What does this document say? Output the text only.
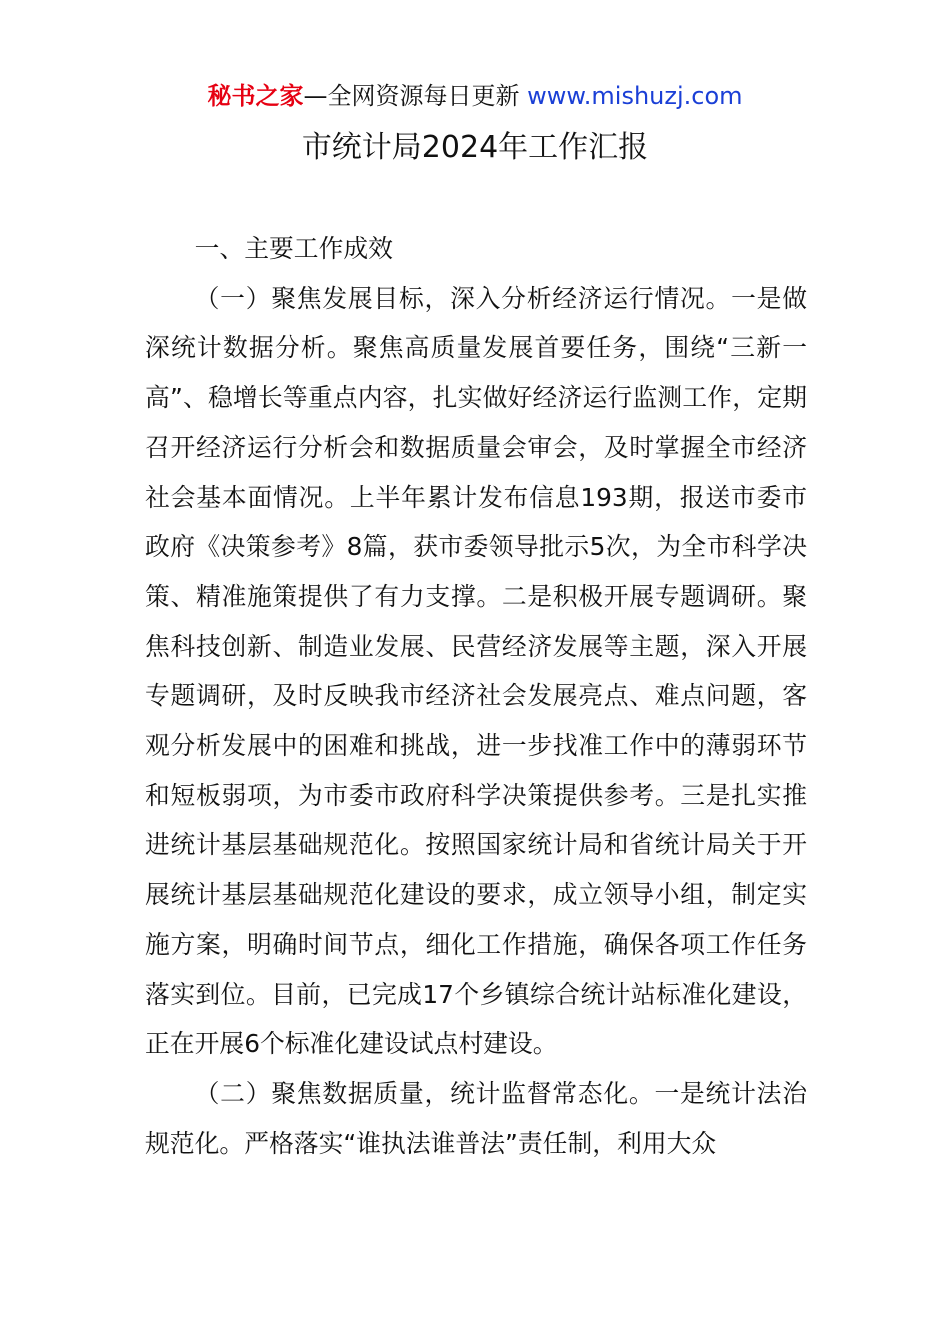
秘书之家—全网资源每日更新 www.mishuzj.com
市统计局2024年工作汇报

一、主要工作成效

（一）聚焦发展目标，深入分析经济运行情况。一是做深统计数据分析。聚焦高质量发展首要任务，围绕“三新一高”、稳增长等重点内容，扎实做好经济运行监测工作，定期召开经济运行分析会和数据质量会审会，及时掌握全市经济社会基本面情况。上半年累计发布信息193期，报送市委市政府《决策参考》8篇，获市委领导批示5次，为全市科学决策、精准施策提供了有力支撑。二是积极开展专题调研。聚焦科技创新、制造业发展、民营经济发展等主题，深入开展专题调研，及时反映我市经济社会发展亮点、难点问题，客观分析发展中的困难和挑战，进一步找准工作中的薄弱环节和短板弱项，为市委市政府科学决策提供参考。三是扎实推进统计基层基础规范化。按照国家统计局和省统计局关于开展统计基层基础规范化建设的要求，成立领导小组，制定实施方案，明确时间节点，细化工作措施，确保各项工作任务落实到位。目前，已完成17个乡镇综合统计站标准化建设，正在开展6个标准化建设试点村建设。

（二）聚焦数据质量，统计监督常态化。一是统计法治规范化。严格落实“谁执法谁普法”责任制，利用大众
